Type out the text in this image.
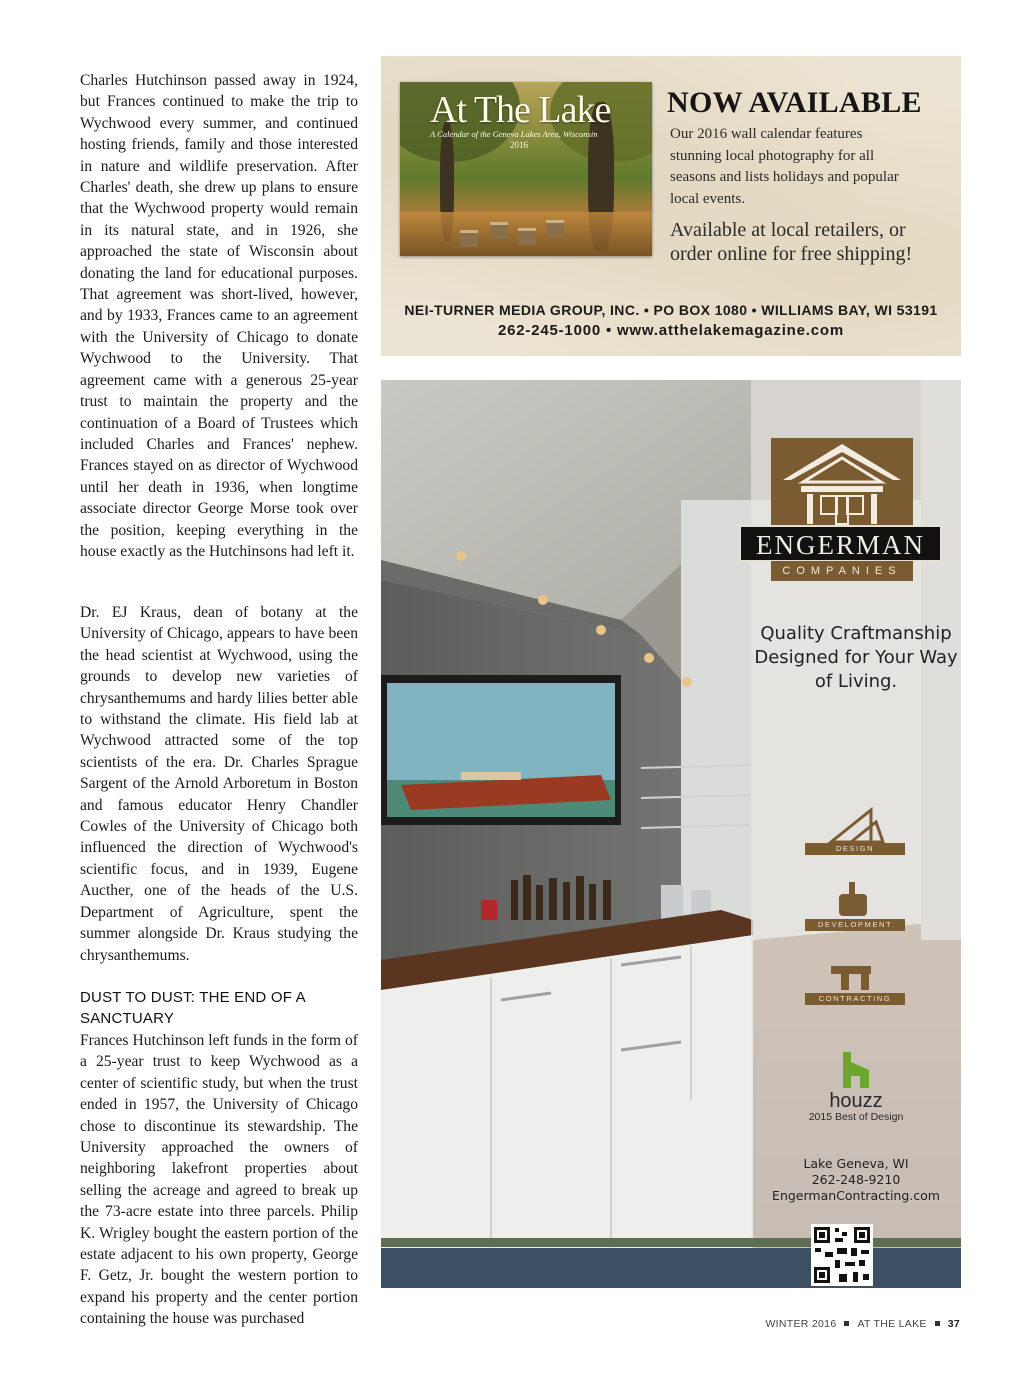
Charles Hutchinson passed away in 1924, but Frances continued to make the trip to Wychwood every summer, and continued hosting friends, family and those interested in nature and wildlife preservation. After Charles' death, she drew up plans to ensure that the Wychwood property would remain in its natural state, and in 1926, she approached the state of Wisconsin about donating the land for educational purposes. That agreement was short-lived, however, and by 1933, Frances came to an agreement with the University of Chicago to donate Wychwood to the University. That agreement came with a generous 25-year trust to maintain the property and the continuation of a Board of Trustees which included Charles and Frances' nephew. Frances stayed on as director of Wychwood until her death in 1936, when longtime associate director George Morse took over the position, keeping everything in the house exactly as the Hutchinsons had left it.

Dr. EJ Kraus, dean of botany at the University of Chicago, appears to have been the head scientist at Wychwood, using the grounds to develop new varieties of chrysanthemums and hardy lilies better able to withstand the climate. His field lab at Wychwood attracted some of the top scientists of the era. Dr. Charles Sprague Sargent of the Arnold Arboretum in Boston and famous educator Henry Chandler Cowles of the University of Chicago both influenced the direction of Wychwood's scientific focus, and in 1939, Eugene Aucther, one of the heads of the U.S. Department of Agriculture, spent the summer alongside Dr. Kraus studying the chrysanthemums.

DUST TO DUST: THE END OF A SANCTUARY

Frances Hutchinson left funds in the form of a 25-year trust to keep Wychwood as a center of scientific study, but when the trust ended in 1957, the University of Chicago chose to discontinue its stewardship. The University approached the owners of neighboring lakefront properties about selling the acreage and agreed to break up the 73-acre estate into three parcels. Philip K. Wrigley bought the eastern portion of the estate adjacent to his own property, George F. Getz, Jr. bought the western portion to expand his property and the center portion containing the house was purchased

At The Lake
A Calendar of the Geneva Lakes Area, Wisconsin
2016
NOW AVAILABLE
Our 2016 wall calendar features stunning local photography for all seasons and lists holidays and popular local events.
Available at local retailers, or order online for free shipping!
NEI-TURNER MEDIA GROUP, INC. • PO BOX 1080 • WILLIAMS BAY, WI 53191
262-245-1000 • www.atthelakemagazine.com
ENGERMAN
COMPANIES
Quality Craftmanship Designed for Your Way of Living.
DESIGN
DEVELOPMENT
CONTRACTING
houzz
2015 Best of Design
Lake Geneva, WI
262-248-9210
EngermanContracting.com
WINTER 2016 AT THE LAKE 37
